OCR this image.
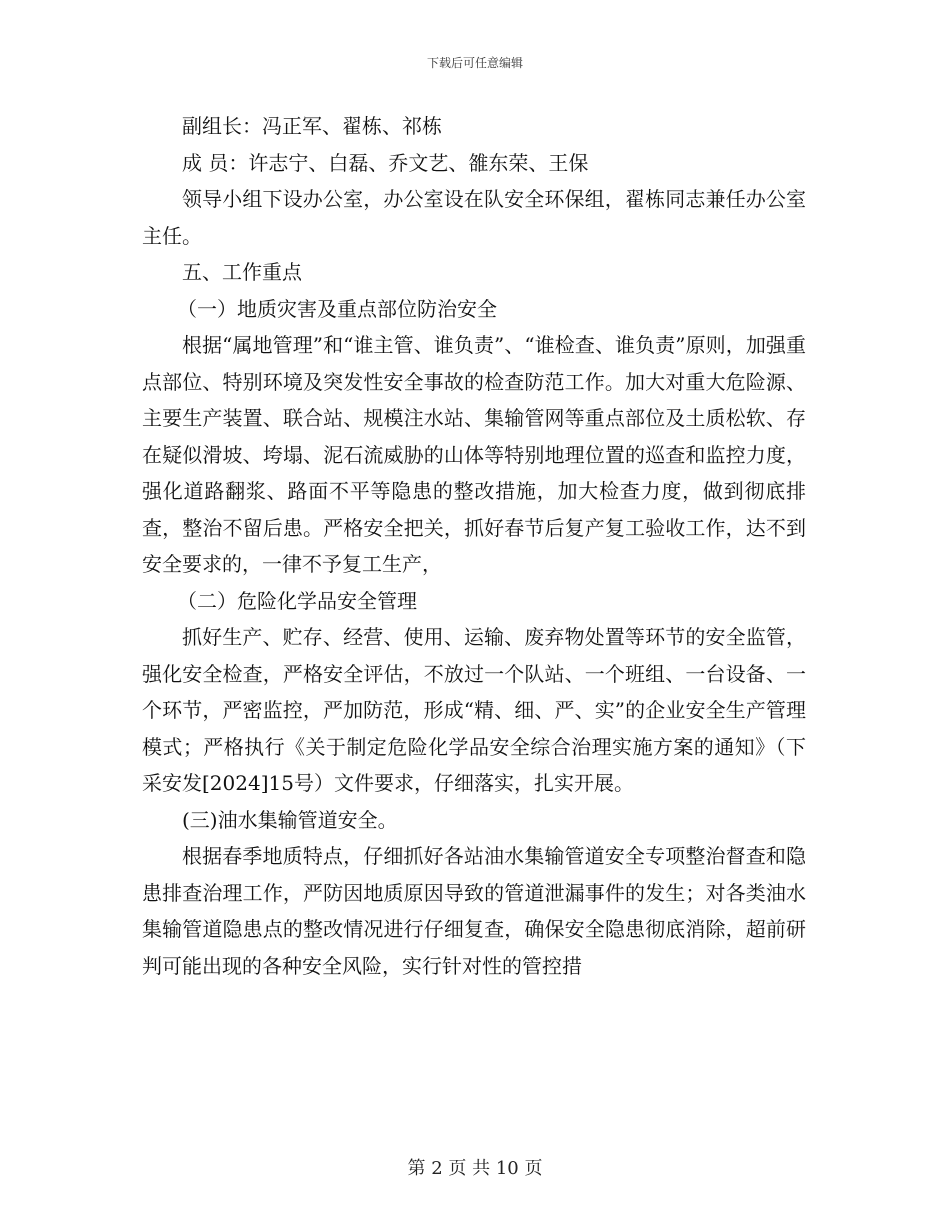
下载后可任意编辑

副组长：冯正军、翟栋、祁栋

成 员：许志宁、白磊、乔文艺、雒东荣、王保

领导小组下设办公室，办公室设在队安全环保组，翟栋同志兼任办公室主任。

五、工作重点

（一）地质灾害及重点部位防治安全

根据“属地管理”和“谁主管、谁负责”、“谁检查、谁负责”原则，加强重点部位、特别环境及突发性安全事故的检查防范工作。加大对重大危险源、主要生产装置、联合站、规模注水站、集输管网等重点部位及土质松软、存在疑似滑坡、垮塌、泥石流威胁的山体等特别地理位置的巡查和监控力度，强化道路翻浆、路面不平等隐患的整改措施，加大检查力度，做到彻底排查，整治不留后患。严格安全把关，抓好春节后复产复工验收工作，达不到安全要求的，一律不予复工生产，

（二）危险化学品安全管理

抓好生产、贮存、经营、使用、运输、废弃物处置等环节的安全监管，强化安全检查，严格安全评估，不放过一个队站、一个班组、一台设备、一个环节，严密监控，严加防范，形成“精、细、严、实”的企业安全生产管理模式；严格执行《关于制定危险化学品安全综合治理实施方案的通知》（下采安发[2024]15号）文件要求，仔细落实，扎实开展。

(三)油水集输管道安全。

根据春季地质特点，仔细抓好各站油水集输管道安全专项整治督查和隐患排查治理工作，严防因地质原因导致的管道泄漏事件的发生；对各类油水集输管道隐患点的整改情况进行仔细复查，确保安全隐患彻底消除，超前研判可能出现的各种安全风险，实行针对性的管控措

第 2 页 共 10 页
